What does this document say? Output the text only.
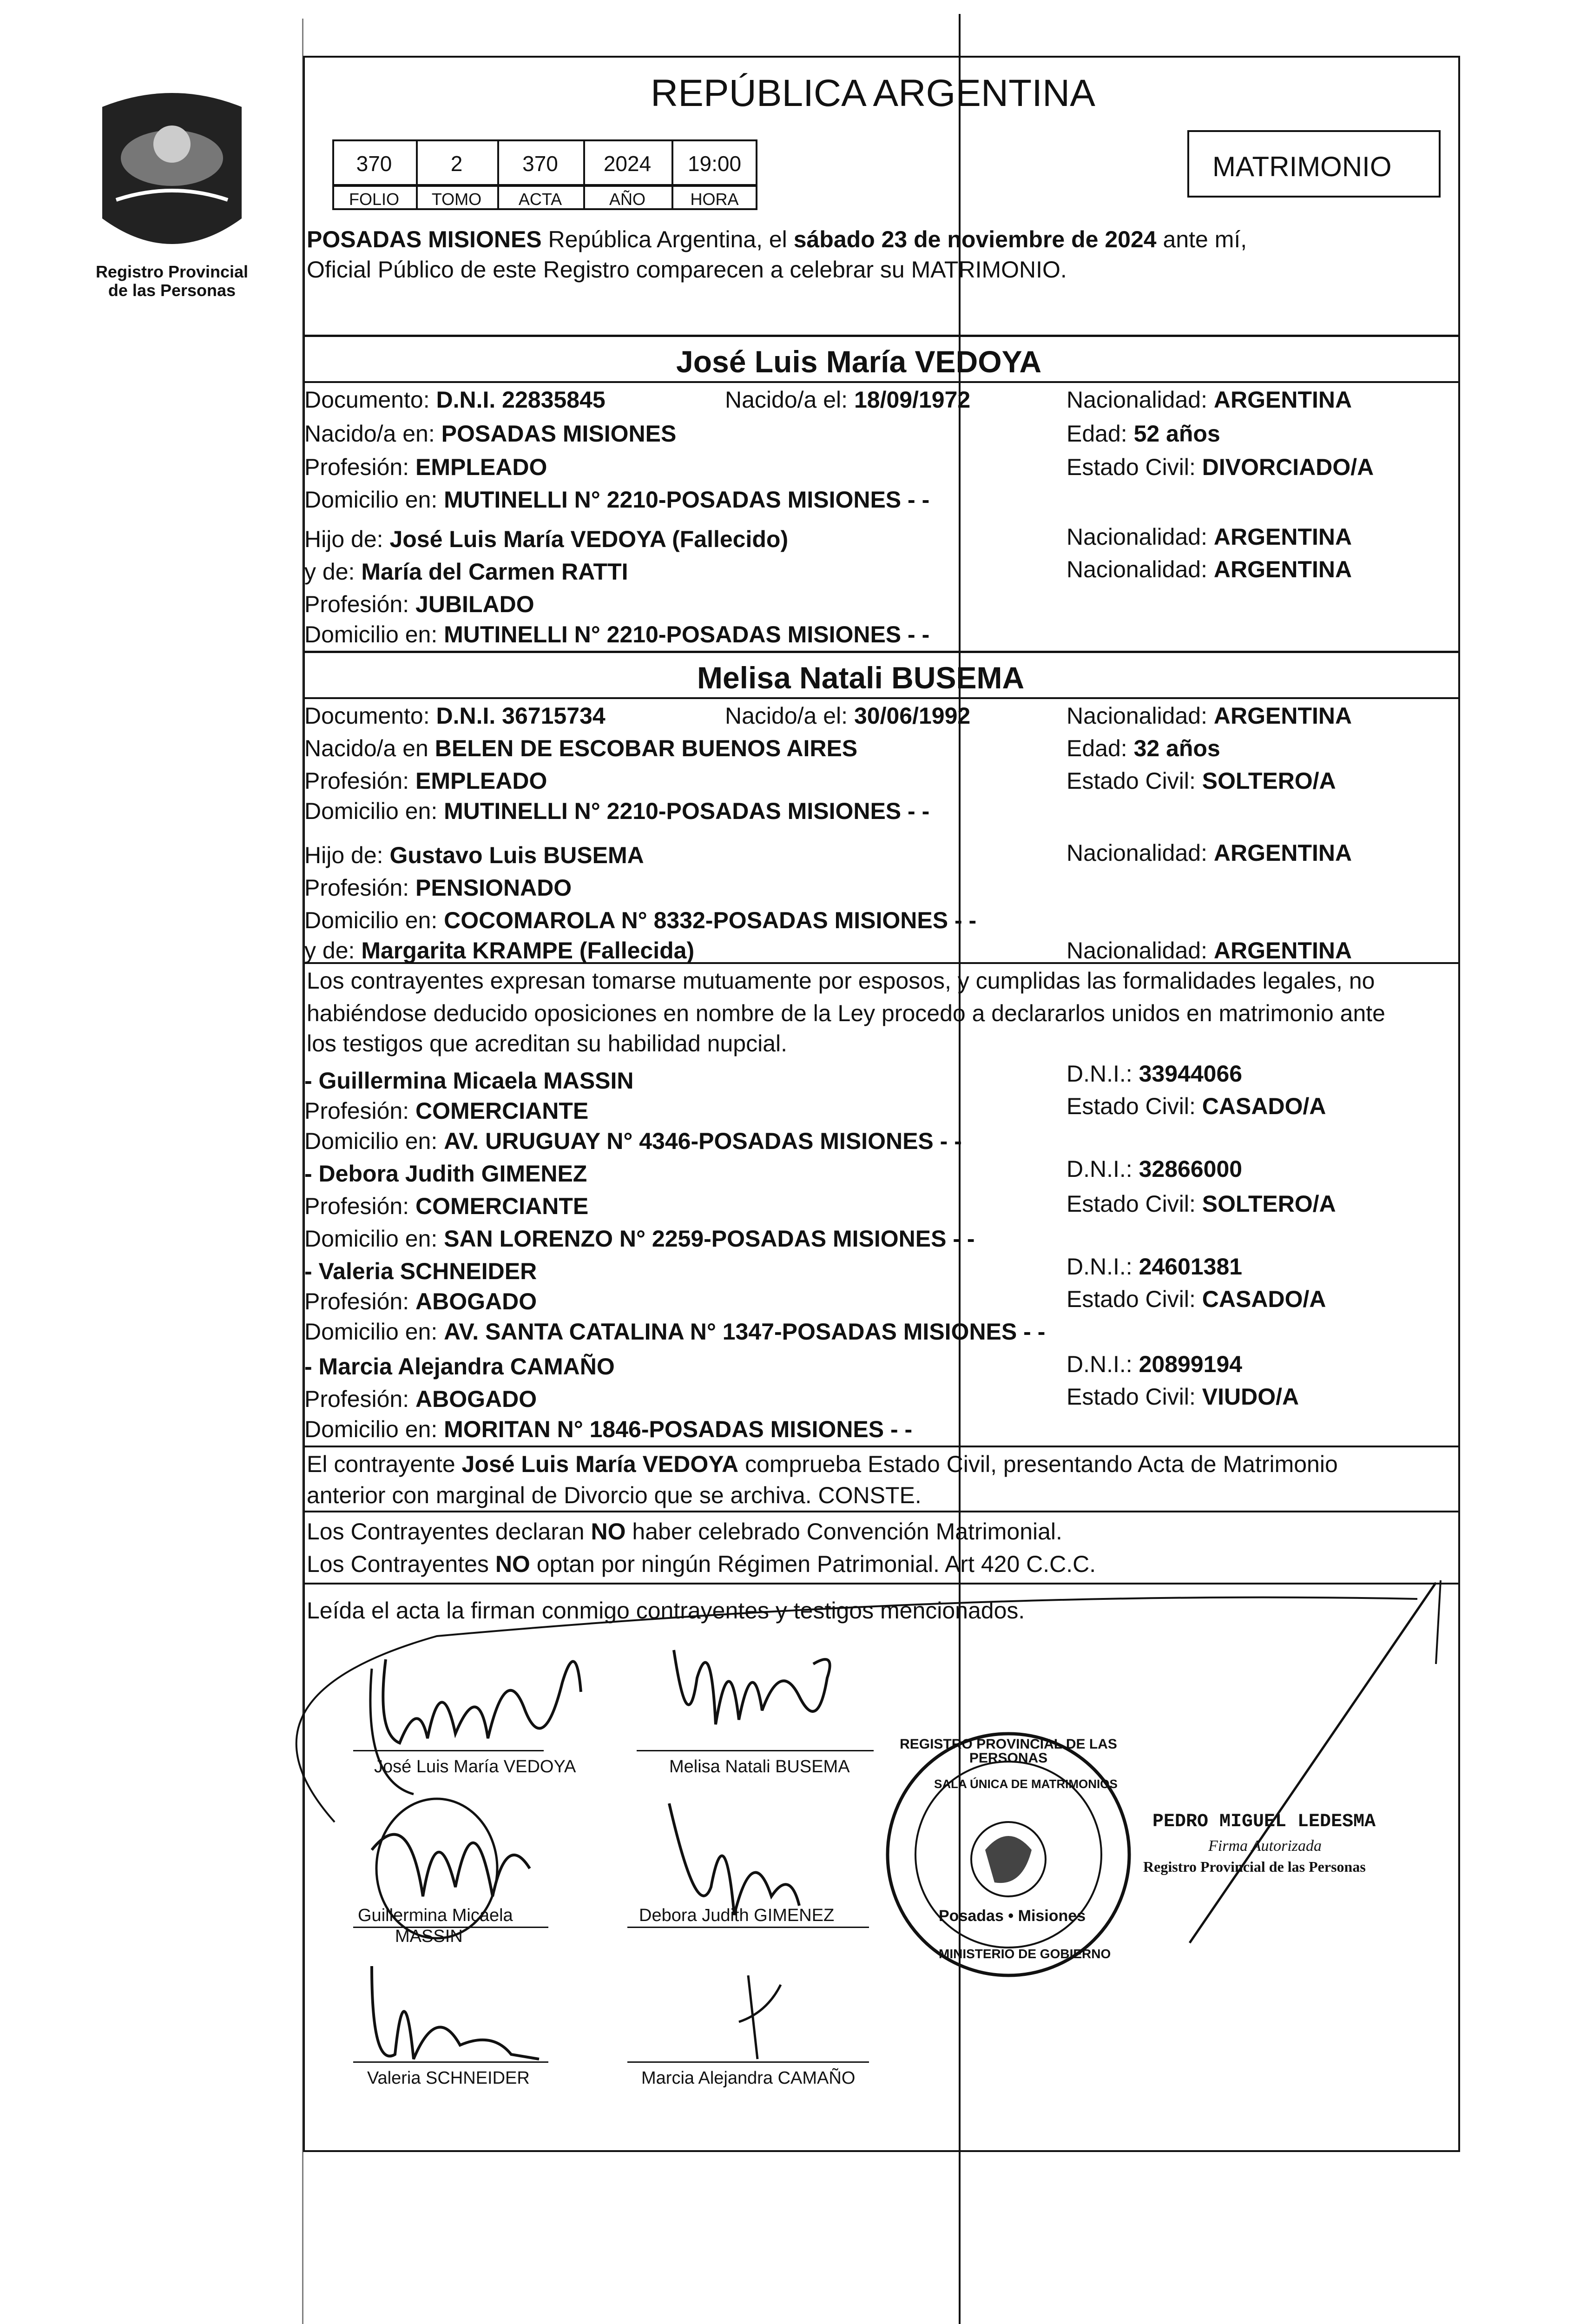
Registro Provincial de las Personas
REPÚBLICA ARGENTINA
MATRIMONIO
370	2	370	2024	19:00
FOLIO	TOMO	ACTA	AÑO	HORA
POSADAS MISIONES República Argentina, el sábado 23 de noviembre de 2024 ante mí,
Oficial Público de este Registro comparecen a celebrar su MATRIMONIO.
José Luis María VEDOYA
Documento: D.N.I. 22835845	Nacido/a el: 18/09/1972	Nacionalidad: ARGENTINA
Nacido/a en: POSADAS MISIONES	Edad: 52 años
Profesión: EMPLEADO	Estado Civil: DIVORCIADO/A
Domicilio en: MUTINELLI N° 2210-POSADAS MISIONES - -
Hijo de: José Luis María VEDOYA (Fallecido)	Nacionalidad: ARGENTINA
y de: María del Carmen RATTI	Nacionalidad: ARGENTINA
Profesión: JUBILADO
Domicilio en: MUTINELLI N° 2210-POSADAS MISIONES - -
Melisa Natali BUSEMA
Documento: D.N.I. 36715734	Nacido/a el: 30/06/1992	Nacionalidad: ARGENTINA
Nacido/a en BELEN DE ESCOBAR BUENOS AIRES	Edad: 32 años
Profesión: EMPLEADO	Estado Civil: SOLTERO/A
Domicilio en: MUTINELLI N° 2210-POSADAS MISIONES - -
Hijo de: Gustavo Luis BUSEMA	Nacionalidad: ARGENTINA
Profesión: PENSIONADO
Domicilio en: COCOMAROLA N° 8332-POSADAS MISIONES - -
y de: Margarita KRAMPE (Fallecida)	Nacionalidad: ARGENTINA
Los contrayentes expresan tomarse mutuamente por esposos, y cumplidas las formalidades legales, no
habiéndose deducido oposiciones en nombre de la Ley procedo a declararlos unidos en matrimonio ante
los testigos que acreditan su habilidad nupcial.
- Guillermina Micaela MASSIN	D.N.I.: 33944066
Profesión: COMERCIANTE	Estado Civil: CASADO/A
Domicilio en: AV. URUGUAY N° 4346-POSADAS MISIONES - -
- Debora Judith GIMENEZ	D.N.I.: 32866000
Profesión: COMERCIANTE	Estado Civil: SOLTERO/A
Domicilio en: SAN LORENZO N° 2259-POSADAS MISIONES - -
- Valeria SCHNEIDER	D.N.I.: 24601381
Profesión: ABOGADO	Estado Civil: CASADO/A
Domicilio en: AV. SANTA CATALINA N° 1347-POSADAS MISIONES - -
- Marcia Alejandra CAMAÑO	D.N.I.: 20899194
Profesión: ABOGADO	Estado Civil: VIUDO/A
Domicilio en: MORITAN N° 1846-POSADAS MISIONES - -
El contrayente José Luis María VEDOYA comprueba Estado Civil, presentando Acta de Matrimonio
anterior con marginal de Divorcio que se archiva. CONSTE.
Los Contrayentes declaran NO haber celebrado Convención Matrimonial.
Los Contrayentes NO optan por ningún Régimen Patrimonial. Art 420 C.C.C.
Leída el acta la firman conmigo contrayentes y testigos mencionados.
José Luis María VEDOYA	Melisa Natali BUSEMA
Guillermina Micaela
MASSIN
Debora Judith GIMENEZ
Valeria SCHNEIDER	Marcia Alejandra CAMAÑO
REGISTRO PROVINCIAL DE LAS PERSONAS
SALA ÚNICA DE MATRIMONIOS
Posadas • Misiones
MINISTERIO DE GOBIERNO
PEDRO MIGUEL LEDESMA
Firma Autorizada
Registro Provincial de las Personas
